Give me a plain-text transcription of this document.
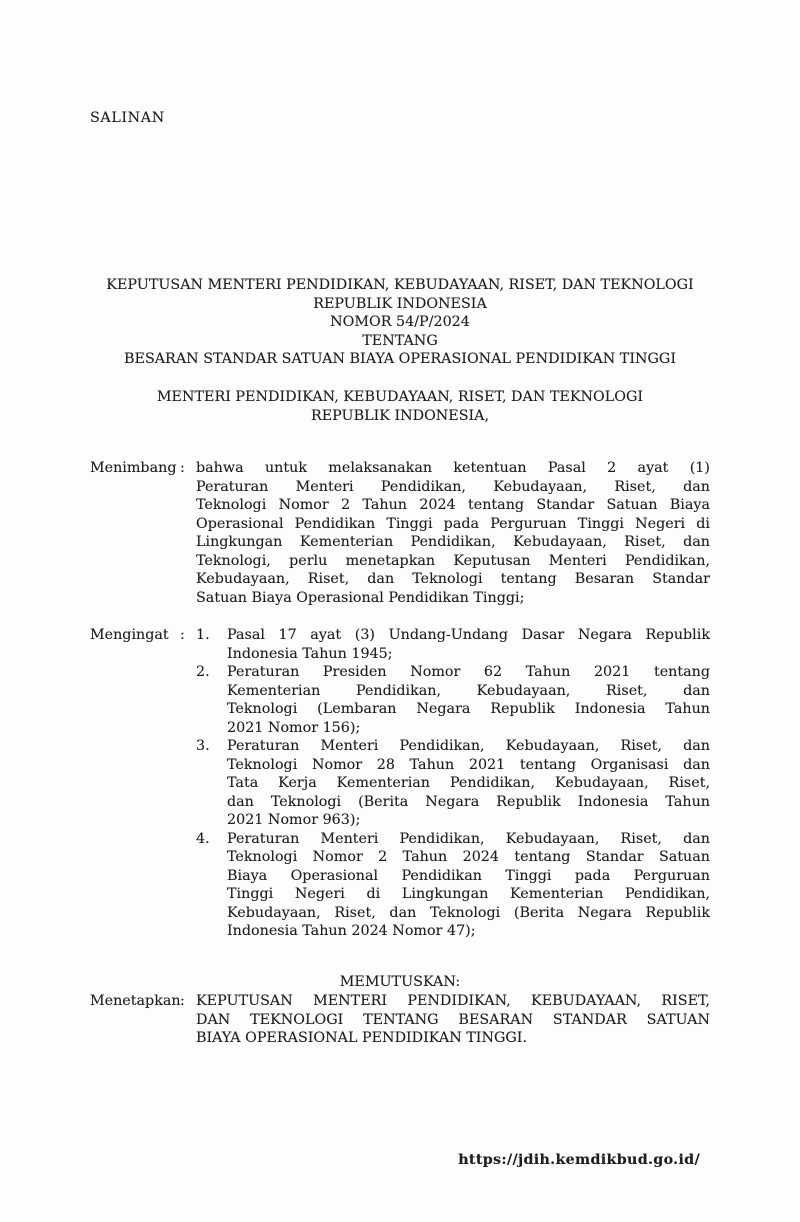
SALINAN
KEPUTUSAN MENTERI PENDIDIKAN, KEBUDAYAAN, RISET, DAN TEKNOLOGI
REPUBLIK INDONESIA
NOMOR 54/P/2024
TENTANG
BESARAN STANDAR SATUAN BIAYA OPERASIONAL PENDIDIKAN TINGGI
MENTERI PENDIDIKAN, KEBUDAYAAN, RISET, DAN TEKNOLOGI
REPUBLIK INDONESIA,
Menimbang : bahwa untuk melaksanakan ketentuan Pasal 2 ayat (1)
Peraturan Menteri Pendidikan, Kebudayaan, Riset, dan
Teknologi Nomor 2 Tahun 2024 tentang Standar Satuan Biaya
Operasional Pendidikan Tinggi pada Perguruan Tinggi Negeri di
Lingkungan Kementerian Pendidikan, Kebudayaan, Riset, dan
Teknologi, perlu menetapkan Keputusan Menteri Pendidikan,
Kebudayaan, Riset, dan Teknologi tentang Besaran Standar
Satuan Biaya Operasional Pendidikan Tinggi;
Mengingat : 1.	Pasal 17 ayat (3) Undang-Undang Dasar Negara Republik
Indonesia Tahun 1945;
2.	Peraturan Presiden Nomor 62 Tahun 2021 tentang
Kementerian Pendidikan, Kebudayaan, Riset, dan
Teknologi (Lembaran Negara Republik Indonesia Tahun
2021 Nomor 156);
3.	Peraturan Menteri Pendidikan, Kebudayaan, Riset, dan
Teknologi Nomor 28 Tahun 2021 tentang Organisasi dan
Tata Kerja Kementerian Pendidikan, Kebudayaan, Riset,
dan Teknologi (Berita Negara Republik Indonesia Tahun
2021 Nomor 963);
4.	Peraturan Menteri Pendidikan, Kebudayaan, Riset, dan
Teknologi Nomor 2 Tahun 2024 tentang Standar Satuan
Biaya Operasional Pendidikan Tinggi pada Perguruan
Tinggi Negeri di Lingkungan Kementerian Pendidikan,
Kebudayaan, Riset, dan Teknologi (Berita Negara Republik
Indonesia Tahun 2024 Nomor 47);
MEMUTUSKAN:
Menetapkan : KEPUTUSAN MENTERI PENDIDIKAN, KEBUDAYAAN, RISET,
DAN TEKNOLOGI TENTANG BESARAN STANDAR SATUAN
BIAYA OPERASIONAL PENDIDIKAN TINGGI.
https://jdih.kemdikbud.go.id/
